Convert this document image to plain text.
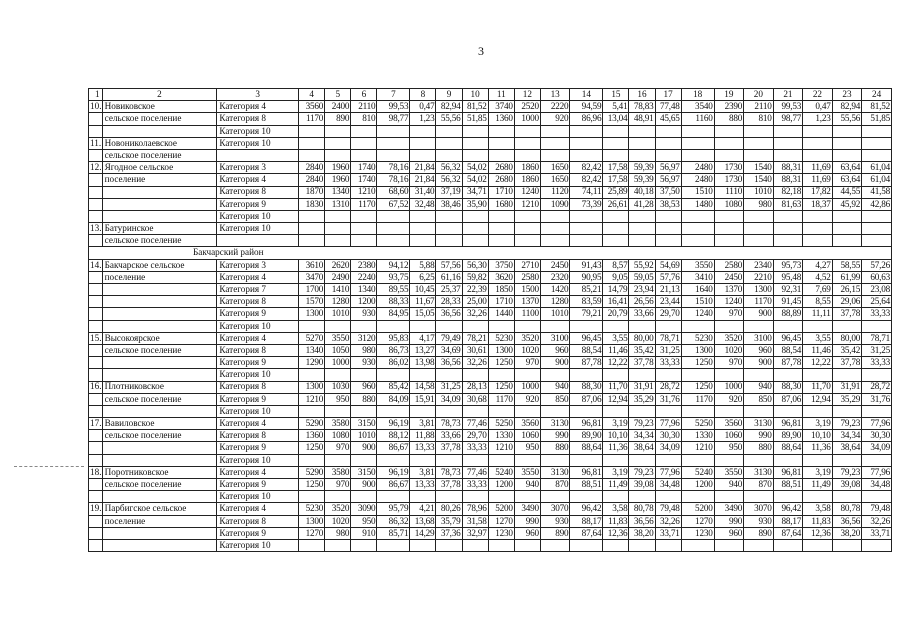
3
1	2	3	4	5	6	7	8	9	10	11	12	13	14	15	16	17	18	19	20	21	22	23	24
10.	Новиковское	Категория 4	3560	2400	2110	99,53	0,47	82,94	81,52	3740	2520	2220	94,59	5,41	78,83	77,48	3540	2390	2110	99,53	0,47	82,94	81,52
	сельское поселение	Категория 8	1170	890	810	98,77	1,23	55,56	51,85	1360	1000	920	86,96	13,04	48,91	45,65	1160	880	810	98,77	1,23	55,56	51,85
		Категория 10																					
11.	Новониколаевское	Категория 10																					
	сельское поселение																						
12.	Ягодное сельское	Категория 3	2840	1960	1740	78,16	21,84	56,32	54,02	2680	1860	1650	82,42	17,58	59,39	56,97	2480	1730	1540	88,31	11,69	63,64	61,04
	поселение	Категория 4	2840	1960	1740	78,16	21,84	56,32	54,02	2680	1860	1650	82,42	17,58	59,39	56,97	2480	1730	1540	88,31	11,69	63,64	61,04
		Категория 8	1870	1340	1210	68,60	31,40	37,19	34,71	1710	1240	1120	74,11	25,89	40,18	37,50	1510	1110	1010	82,18	17,82	44,55	41,58
		Категория 9	1830	1310	1170	67,52	32,48	38,46	35,90	1680	1210	1090	73,39	26,61	41,28	38,53	1480	1080	980	81,63	18,37	45,92	42,86
		Категория 10																					
13.	Батуринское	Категория 10																					
	сельское поселение																						
Бакчарский район																							
14.	Бакчарское сельское	Категория 3	3610	2620	2380	94,12	5,88	57,56	56,30	3750	2710	2450	91,43	8,57	55,92	54,69	3550	2580	2340	95,73	4,27	58,55	57,26
	поселение	Категория 4	3470	2490	2240	93,75	6,25	61,16	59,82	3620	2580	2320	90,95	9,05	59,05	57,76	3410	2450	2210	95,48	4,52	61,99	60,63
		Категория 7	1700	1410	1340	89,55	10,45	25,37	22,39	1850	1500	1420	85,21	14,79	23,94	21,13	1640	1370	1300	92,31	7,69	26,15	23,08
		Категория 8	1570	1280	1200	88,33	11,67	28,33	25,00	1710	1370	1280	83,59	16,41	26,56	23,44	1510	1240	1170	91,45	8,55	29,06	25,64
		Категория 9	1300	1010	930	84,95	15,05	36,56	32,26	1440	1100	1010	79,21	20,79	33,66	29,70	1240	970	900	88,89	11,11	37,78	33,33
		Категория 10																					
15.	Высокоярское	Категория 4	5270	3550	3120	95,83	4,17	79,49	78,21	5230	3520	3100	96,45	3,55	80,00	78,71	5230	3520	3100	96,45	3,55	80,00	78,71
	сельское поселение	Категория 8	1340	1050	980	86,73	13,27	34,69	30,61	1300	1020	960	88,54	11,46	35,42	31,25	1300	1020	960	88,54	11,46	35,42	31,25
		Категория 9	1290	1000	930	86,02	13,98	36,56	32,26	1250	970	900	87,78	12,22	37,78	33,33	1250	970	900	87,78	12,22	37,78	33,33
		Категория 10																					
16.	Плотниковское	Категория 8	1300	1030	960	85,42	14,58	31,25	28,13	1250	1000	940	88,30	11,70	31,91	28,72	1250	1000	940	88,30	11,70	31,91	28,72
	сельское поселение	Категория 9	1210	950	880	84,09	15,91	34,09	30,68	1170	920	850	87,06	12,94	35,29	31,76	1170	920	850	87,06	12,94	35,29	31,76
		Категория 10																					
17.	Вавиловское	Категория 4	5290	3580	3150	96,19	3,81	78,73	77,46	5250	3560	3130	96,81	3,19	79,23	77,96	5250	3560	3130	96,81	3,19	79,23	77,96
	сельское поселение	Категория 8	1360	1080	1010	88,12	11,88	33,66	29,70	1330	1060	990	89,90	10,10	34,34	30,30	1330	1060	990	89,90	10,10	34,34	30,30
		Категория 9	1250	970	900	86,67	13,33	37,78	33,33	1210	950	880	88,64	11,36	38,64	34,09	1210	950	880	88,64	11,36	38,64	34,09
		Категория 10																					
18.	Поротниковское	Категория 4	5290	3580	3150	96,19	3,81	78,73	77,46	5240	3550	3130	96,81	3,19	79,23	77,96	5240	3550	3130	96,81	3,19	79,23	77,96
	сельское поселение	Категория 9	1250	970	900	86,67	13,33	37,78	33,33	1200	940	870	88,51	11,49	39,08	34,48	1200	940	870	88,51	11,49	39,08	34,48
		Категория 10																					
19.	Парбигское сельское	Категория 4	5230	3520	3090	95,79	4,21	80,26	78,96	5200	3490	3070	96,42	3,58	80,78	79,48	5200	3490	3070	96,42	3,58	80,78	79,48
	поселение	Категория 8	1300	1020	950	86,32	13,68	35,79	31,58	1270	990	930	88,17	11,83	36,56	32,26	1270	990	930	88,17	11,83	36,56	32,26
		Категория 9	1270	980	910	85,71	14,29	37,36	32,97	1230	960	890	87,64	12,36	38,20	33,71	1230	960	890	87,64	12,36	38,20	33,71
		Категория 10																					
